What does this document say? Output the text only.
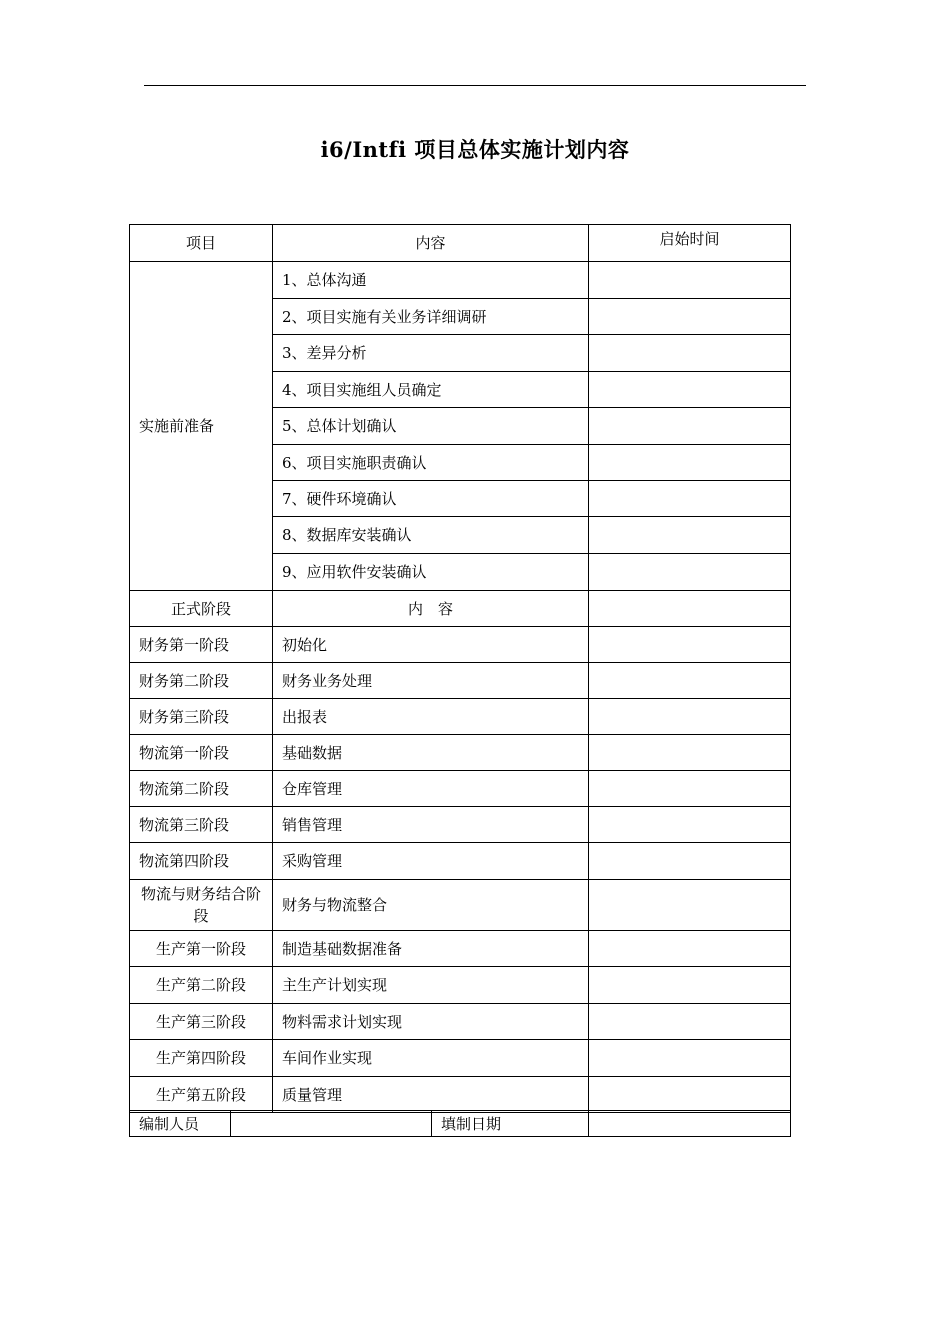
i6/Intfi 项目总体实施计划内容
项目	内容	启始时间
实施前准备	1、总体沟通	
	2、项目实施有关业务详细调研	
	3、差异分析	
	4、项目实施组人员确定	
	5、总体计划确认	
	6、项目实施职责确认	
	7、硬件环境确认	
	8、数据库安装确认	
	9、应用软件安装确认	
正式阶段	内　容	
财务第一阶段	初始化	
财务第二阶段	财务业务处理	
财务第三阶段	出报表	
物流第一阶段	基础数据	
物流第二阶段	仓库管理	
物流第三阶段	销售管理	
物流第四阶段	采购管理	
物流与财务结合阶段	财务与物流整合	
生产第一阶段	制造基础数据准备	
生产第二阶段	主生产计划实现	
生产第三阶段	物料需求计划实现	
生产第四阶段	车间作业实现	
生产第五阶段	质量管理	
编制人员		填制日期	
